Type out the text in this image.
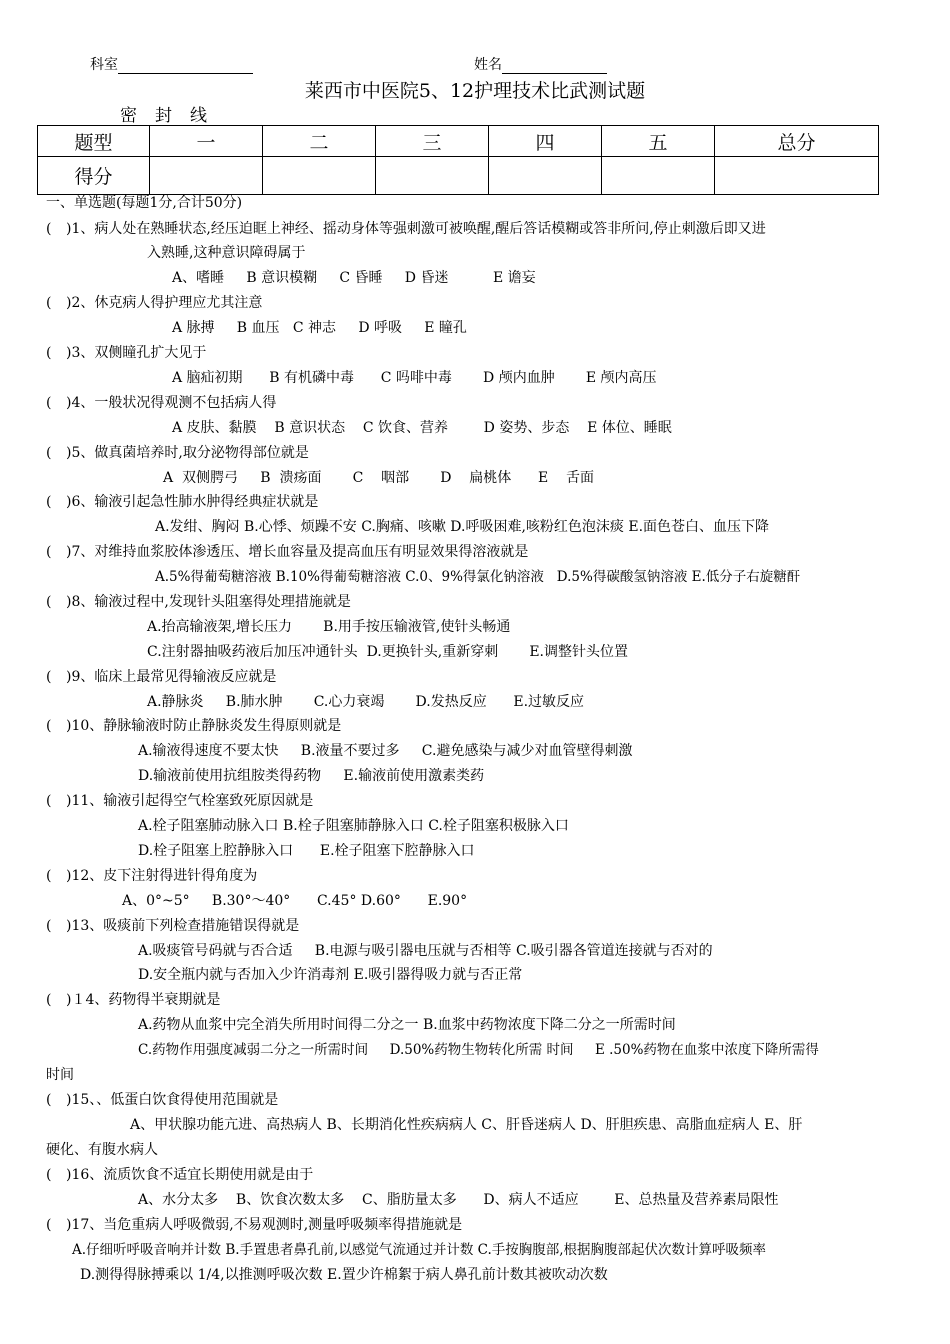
科室	姓名
莱西市中医院5、12护理技术比武测试题
密封线
题型	一	二	三	四	五	总分
得分						
一、单选题(每题1分,合计50分)
( )1、病人处在熟睡状态,经压迫眶上神经、摇动身体等强刺激可被唤醒,醒后答话模糊或答非所问,停止刺激后即又进
入熟睡,这种意识障碍属于
A、嗜睡     B 意识模糊     C 昏睡     D 昏迷          E 谵妄
( )2、休克病人得护理应尤其注意
A 脉搏     B 血压   C 神志     D 呼吸     E 瞳孔
( )3、双侧瞳孔扩大见于
A 脑疝初期      B 有机磷中毒      C 吗啡中毒       D 颅内血肿       E 颅内高压
( )4、一般状况得观测不包括病人得
A 皮肤、黏膜    B 意识状态    C 饮食、营养        D 姿势、步态    E 体位、睡眠
( )5、做真菌培养时,取分泌物得部位就是
A  双侧腭弓     B  溃疡面       C    咽部       D    扁桃体      E    舌面
( )6、输液引起急性肺水肿得经典症状就是
A.发绀、胸闷 B.心悸、烦躁不安 C.胸痛、咳嗽 D.呼吸困难,咳粉红色泡沫痰 E.面色苍白、血压下降
( )7、对维持血浆胶体渗透压、增长血容量及提高血压有明显效果得溶液就是
A.5%得葡萄糖溶液 B.10%得葡萄糖溶液 C.0、9%得氯化钠溶液   D.5%得碳酸氢钠溶液 E.低分子右旋糖酐
( )8、输液过程中,发现针头阻塞得处理措施就是
A.抬高输液架,增长压力       B.用手按压输液管,使针头畅通
C.注射器抽吸药液后加压冲通针头  D.更换针头,重新穿刺       E.调整针头位置
( )9、临床上最常见得输液反应就是
A.静脉炎     B.肺水肿       C.心力衰竭       D.发热反应      E.过敏反应
( )10、静脉输液时防止静脉炎发生得原则就是
A.输液得速度不要太快     B.液量不要过多     C.避免感染与减少对血管壁得刺激
D.输液前使用抗组胺类得药物     E.输液前使用激素类药
( )11、输液引起得空气栓塞致死原因就是
A.栓子阻塞肺动脉入口 B.栓子阻塞肺静脉入口 C.栓子阻塞积极脉入口
D.栓子阻塞上腔静脉入口      E.栓子阻塞下腔静脉入口
( )12、皮下注射得进针得角度为
A、0°~5°     B.30°～40°      C.45° D.60°      E.90°
( )13、吸痰前下列检查措施错误得就是
A.吸痰管号码就与否合适     B.电源与吸引器电压就与否相等 C.吸引器各管道连接就与否对的
D.安全瓶内就与否加入少许消毒剂 E.吸引器得吸力就与否正常
( )１4、药物得半衰期就是
A.药物从血浆中完全消失所用时间得二分之一 B.血浆中药物浓度下降二分之一所需时间
C.药物作用强度减弱二分之一所需时间     D.50%药物生物转化所需 时间     E .50%药物在血浆中浓度下降所需得
时间
( )15、、低蛋白饮食得使用范围就是
A、甲状腺功能亢进、高热病人 B、长期消化性疾病病人 C、肝昏迷病人 D、肝胆疾患、高脂血症病人 E、肝
硬化、有腹水病人
( )16、流质饮食不适宜长期使用就是由于
A、水分太多    B、饮食次数太多    C、脂肪量太多      D、病人不适应        E、总热量及营养素局限性
( )17、当危重病人呼吸微弱,不易观测时,测量呼吸频率得措施就是
A.仔细听呼吸音响并计数 B.手置患者鼻孔前,以感觉气流通过并计数 C.手按胸腹部,根据胸腹部起伏次数计算呼吸频率
D.测得得脉搏乘以 1/4,以推测呼吸次数 E.置少许棉絮于病人鼻孔前计数其被吹动次数
